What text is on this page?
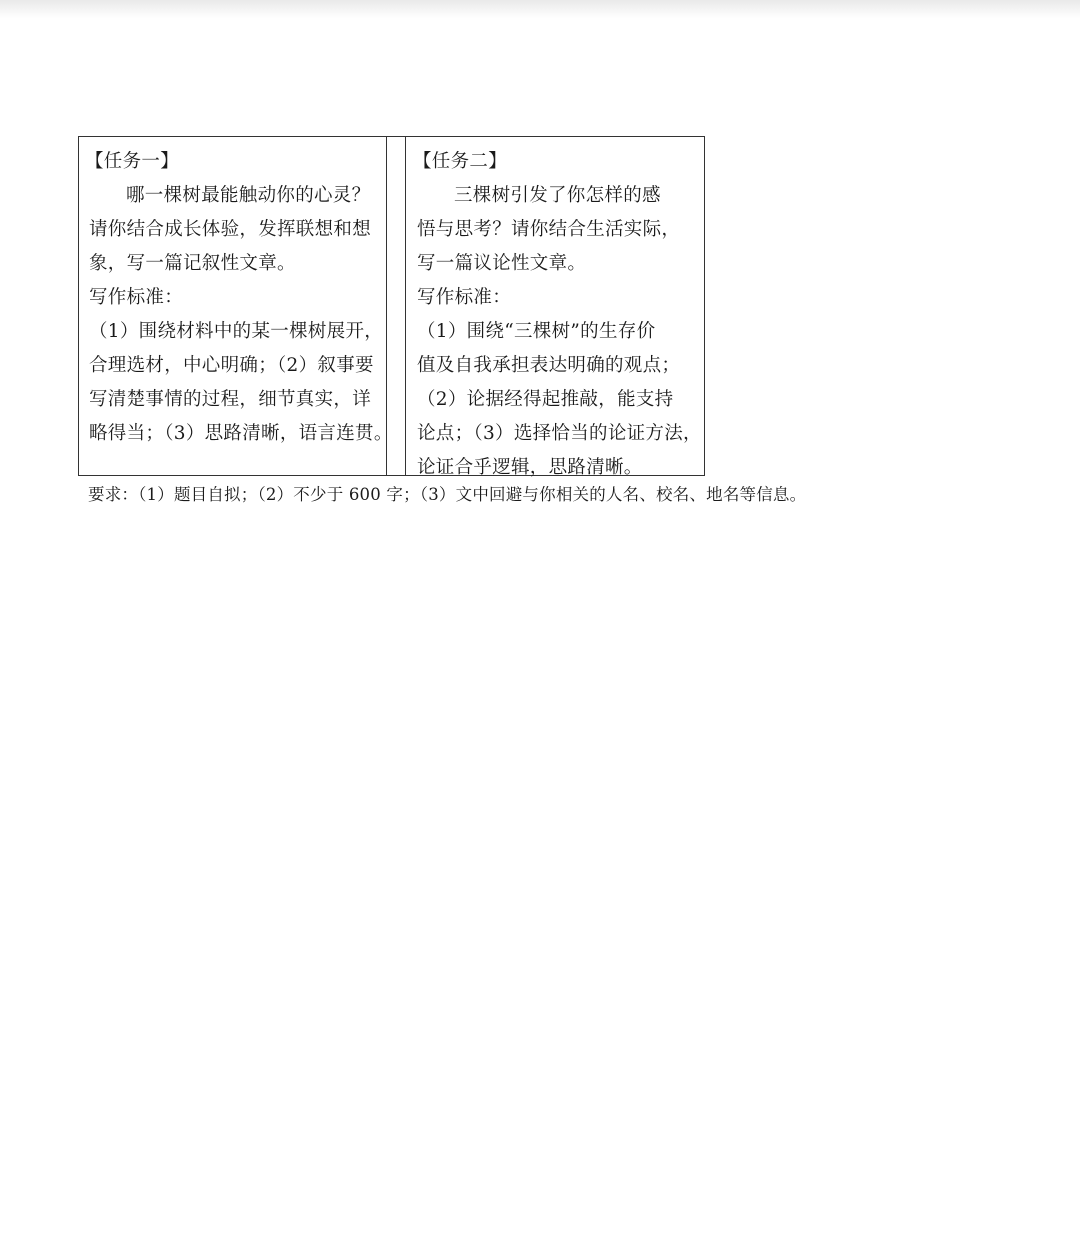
【任务一】
哪一棵树最能触动你的心灵？
请你结合成长体验，发挥联想和想
象，写一篇记叙性文章。
写作标准：
（1）围绕材料中的某一棵树展开，
合理选材，中心明确；（2）叙事要
写清楚事情的过程，细节真实，详
略得当；（3）思路清晰，语言连贯。
【任务二】
三棵树引发了你怎样的感
悟与思考？请你结合生活实际，
写一篇议论性文章。
写作标准：
（1）围绕“三棵树”的生存价
值及自我承担表达明确的观点；
（2）论据经得起推敲，能支持
论点；（3）选择恰当的论证方法，
论证合乎逻辑，思路清晰。
要求：（1）题目自拟；（2）不少于 600 字；（3）文中回避与你相关的人名、校名、地名等信息。
